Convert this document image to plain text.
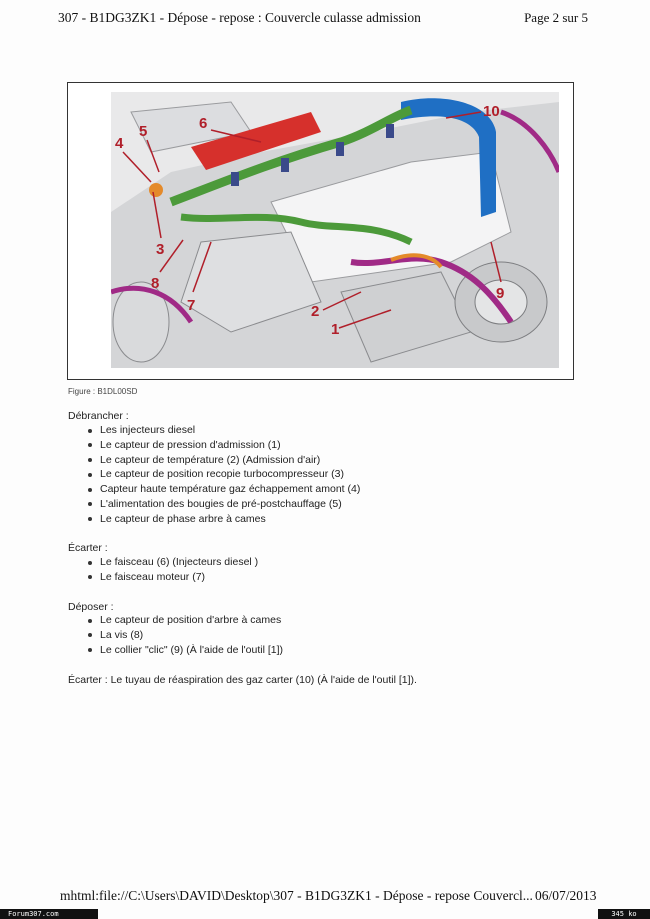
307 - B1DG3ZK1 - Dépose - repose : Couvercle culasse admission	Page 2 sur 5
1
2
3
4
5	6
7
8
9
10
Figure : B1DL00SD
Débrancher :
Les injecteurs diesel
Le capteur de pression d'admission (1)
Le capteur de température (2) (Admission d'air)
Le capteur de position recopie turbocompresseur (3)
Capteur haute température gaz échappement amont (4)
L'alimentation des bougies de pré-postchauffage (5)
Le capteur de phase arbre à cames
Écarter :
Le faisceau (6) (Injecteurs diesel )
Le faisceau moteur (7)
Déposer :
Le capteur de position d'arbre à cames
La vis (8)
Le collier "clic" (9) (À l'aide de l'outil [1])
Écarter : Le tuyau de réaspiration des gaz carter (10) (À l'aide de l'outil [1]).
mhtml:file://C:\Users\DAVID\Desktop\307 - B1DG3ZK1 - Dépose - repose Couvercl... 06/07/2013
Forum307.com	345 ko
